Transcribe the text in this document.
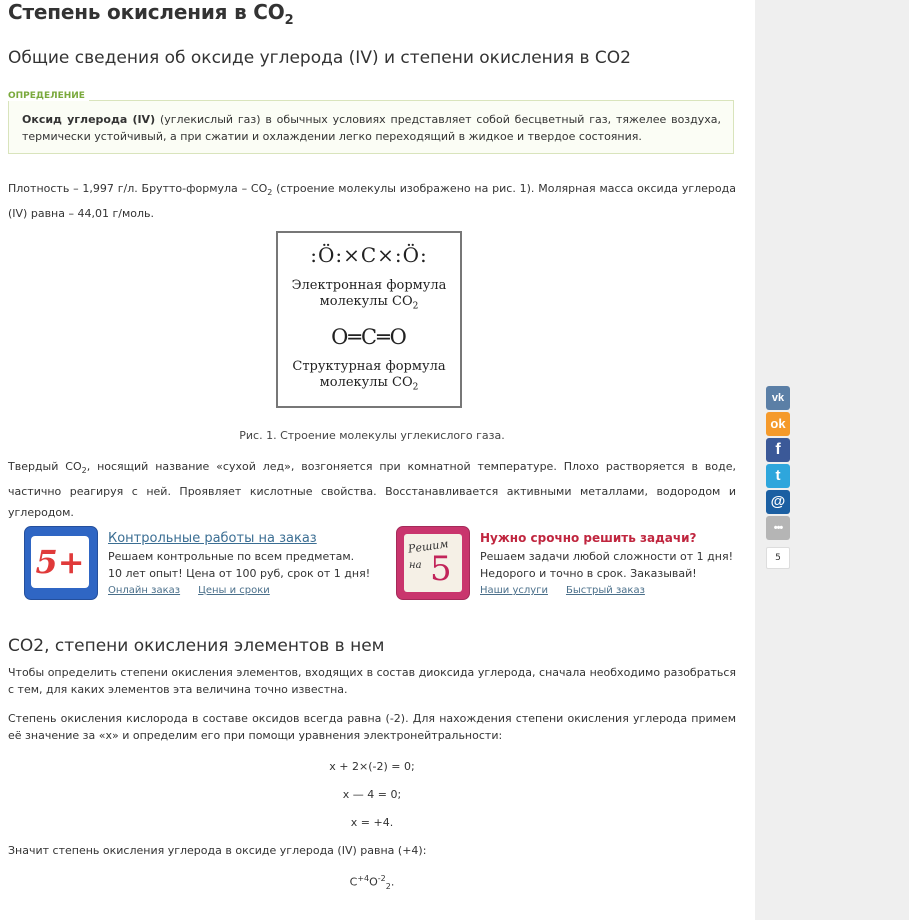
Степень окисления в $CO_2$
Общие сведения об оксиде углерода (IV) и степени окисления в CO2
ОПРЕДЕЛЕНИЕ
Оксид углерода (IV) (углекислый газ) в обычных условиях представляет собой бесцветный газ, тяжелее воздуха, термически устойчивый, а при сжатии и охлаждении легко переходящий в жидкое и твердое состояния.
Плотность – 1,997 г/л. Брутто-формула – $CO_2$ (строение молекулы изображено на рис. 1). Молярная масса оксида углерода (IV) равна – 44,01 г/моль.
:Ö:×C×:Ö:
Электронная формула
молекулы $CO_2$
O═C═O
Структурная формула
молекулы $CO_2$
Рис. 1. Строение молекулы углекислого газа.
Твердый $CO_2$, носящий название «сухой лед», возгоняется при комнатной температуре. Плохо растворяется в воде, частично реагируя с ней. Проявляет кислотные свойства. Восстанавливается активными металлами, водородом и углеродом.
5+
Контрольные работы на заказ
Решаем контрольные по всем предметам.
10 лет опыт! Цена от 100 руб, срок от 1 дня!
Онлайн заказ Цены и сроки
Решим
на 5
Нужно срочно решить задачи?
Решаем задачи любой сложности от 1 дня!
Недорого и точно в срок. Заказывай!
Наши услуги Быстрый заказ
CO2, степени окисления элементов в нем
Чтобы определить степени окисления элементов, входящих в состав диоксида углерода, сначала необходимо разобраться с тем, для каких элементов эта величина точно известна.
Степень окисления кислорода в составе оксидов всегда равна (-2). Для нахождения степени окисления углерода примем её значение за «х» и определим его при помощи уравнения электронейтральности:
х + 2×(-2) = 0;
х — 4 = 0;
х = +4.
Значит степень окисления углерода в оксиде углерода (IV) равна (+4):
$C^{+4}O^{-2}_2$.
vk
ok
f
t
@
•••
5
